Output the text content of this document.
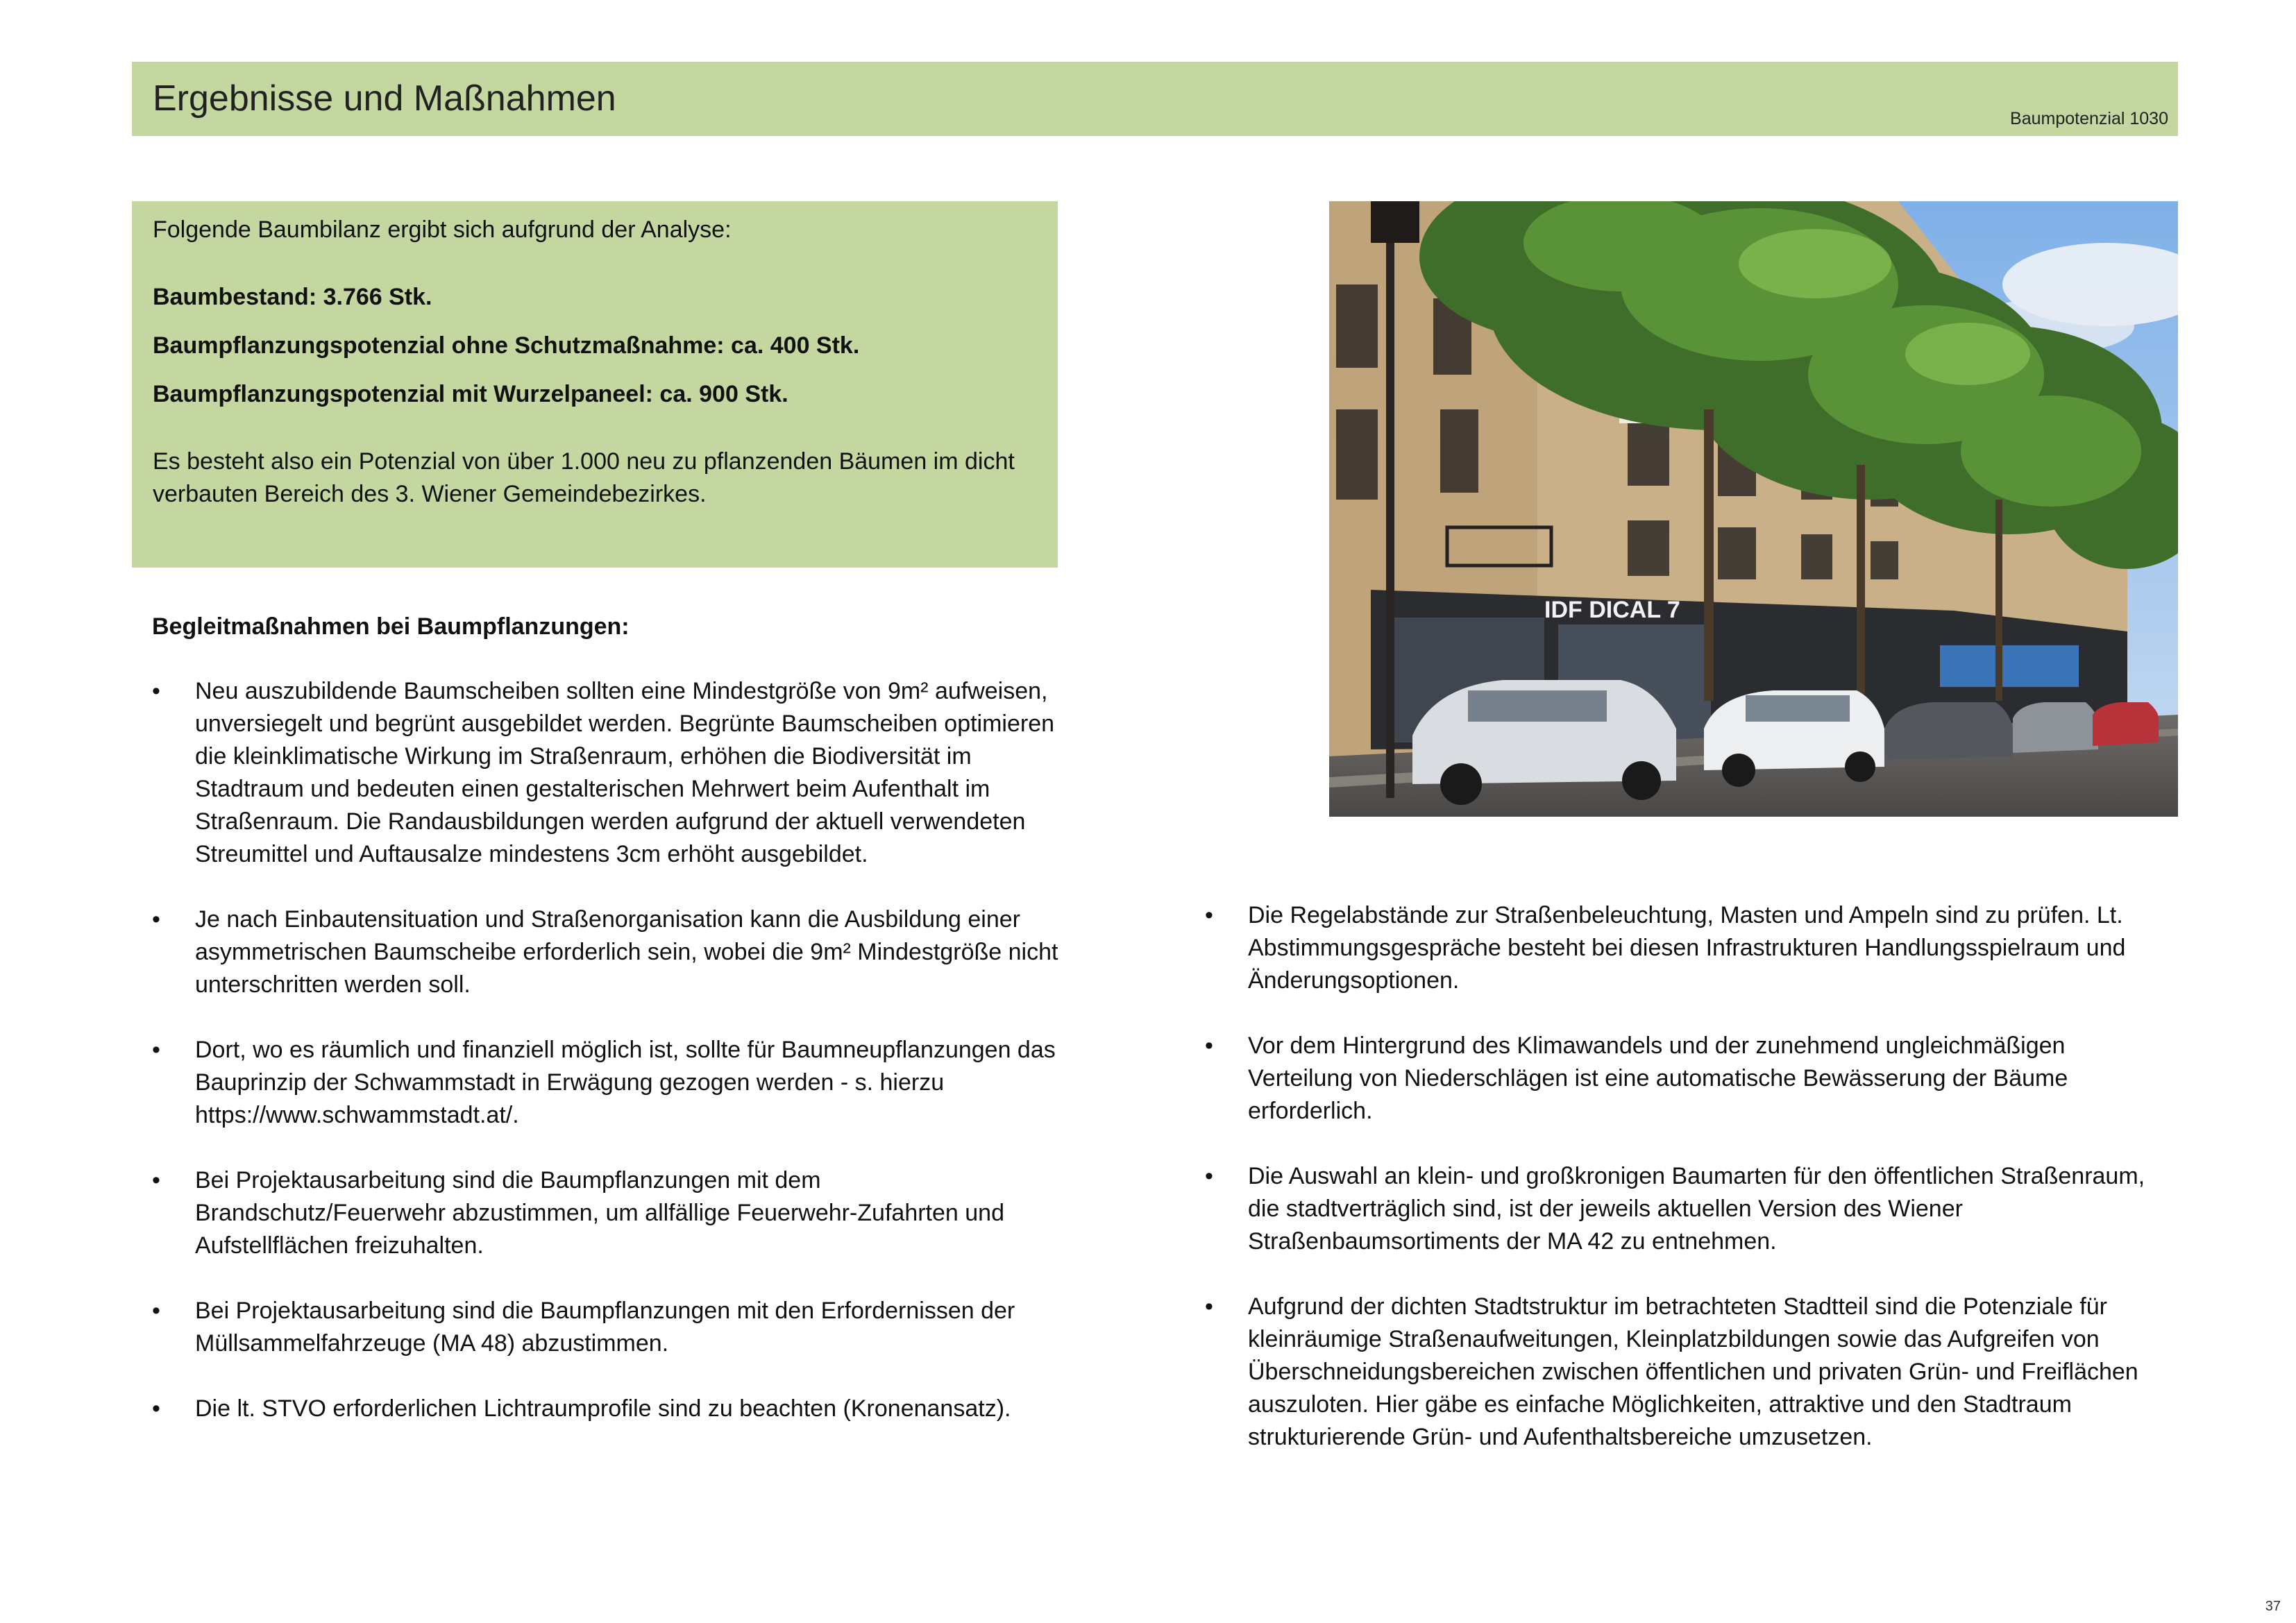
Ergebnisse und Maßnahmen	Baumpotenzial 1030

Folgende Baumbilanz ergibt sich aufgrund der Analyse:

Baumbestand: 3.766 Stk.

Baumpflanzungspotenzial ohne Schutzmaßnahme: ca. 400 Stk.

Baumpflanzungspotenzial mit Wurzelpaneel: ca. 900 Stk.

Es besteht also ein Potenzial von über 1.000 neu zu pflanzenden Bäumen im dicht verbauten Bereich des 3. Wiener Gemeindebezirkes.

IDF DICAL 7

Begleitmaßnahmen bei Baumpflanzungen:

• Neu auszubildende Baumscheiben sollten eine Mindestgröße von 9m² aufweisen, unversiegelt und begrünt ausgebildet werden. Begrünte Baumscheiben optimieren die kleinklimatische Wirkung im Straßenraum, erhöhen die Biodiversität im Stadtraum und bedeuten einen gestalterischen Mehrwert beim Aufenthalt im Straßenraum. Die Randausbildungen werden aufgrund der aktuell verwendeten Streumittel und Auftausalze mindestens 3cm erhöht ausgebildet.
• Je nach Einbautensituation und Straßenorganisation kann die Ausbildung einer asymmetrischen Baumscheibe erforderlich sein, wobei die 9m² Mindestgröße nicht unterschritten werden soll.
• Dort, wo es räumlich und finanziell möglich ist, sollte für Baumneupflanzungen das Bauprinzip der Schwammstadt in Erwägung gezogen werden - s. hierzu https://www.schwammstadt.at/.
• Bei Projektausarbeitung sind die Baumpflanzungen mit dem Brandschutz/Feuerwehr abzustimmen, um allfällige Feuerwehr-Zufahrten und Aufstellflächen freizuhalten.
• Bei Projektausarbeitung sind die Baumpflanzungen mit den Erfordernissen der Müllsammelfahrzeuge (MA 48) abzustimmen.
• Die lt. STVO erforderlichen Lichtraumprofile sind zu beachten (Kronenansatz).
• Die Regelabstände zur Straßenbeleuchtung, Masten und Ampeln sind zu prüfen. Lt. Abstimmungsgespräche besteht bei diesen Infrastrukturen Handlungsspielraum und Änderungsoptionen.
• Vor dem Hintergrund des Klimawandels und der zunehmend ungleichmäßigen Verteilung von Niederschlägen ist eine automatische Bewässerung der Bäume erforderlich.
• Die Auswahl an klein- und großkronigen Baumarten für den öffentlichen Straßenraum, die stadtverträglich sind, ist der jeweils aktuellen Version des Wiener Straßenbaumsortiments der MA 42 zu entnehmen.
• Aufgrund der dichten Stadtstruktur im betrachteten Stadtteil sind die Potenziale für kleinräumige Straßenaufweitungen, Kleinplatzbildungen sowie das Aufgreifen von Überschneidungsbereichen zwischen öffentlichen und privaten Grün- und Freiflächen auszuloten. Hier gäbe es einfache Möglichkeiten, attraktive und den Stadtraum strukturierende Grün- und Aufenthaltsbereiche umzusetzen.
37
